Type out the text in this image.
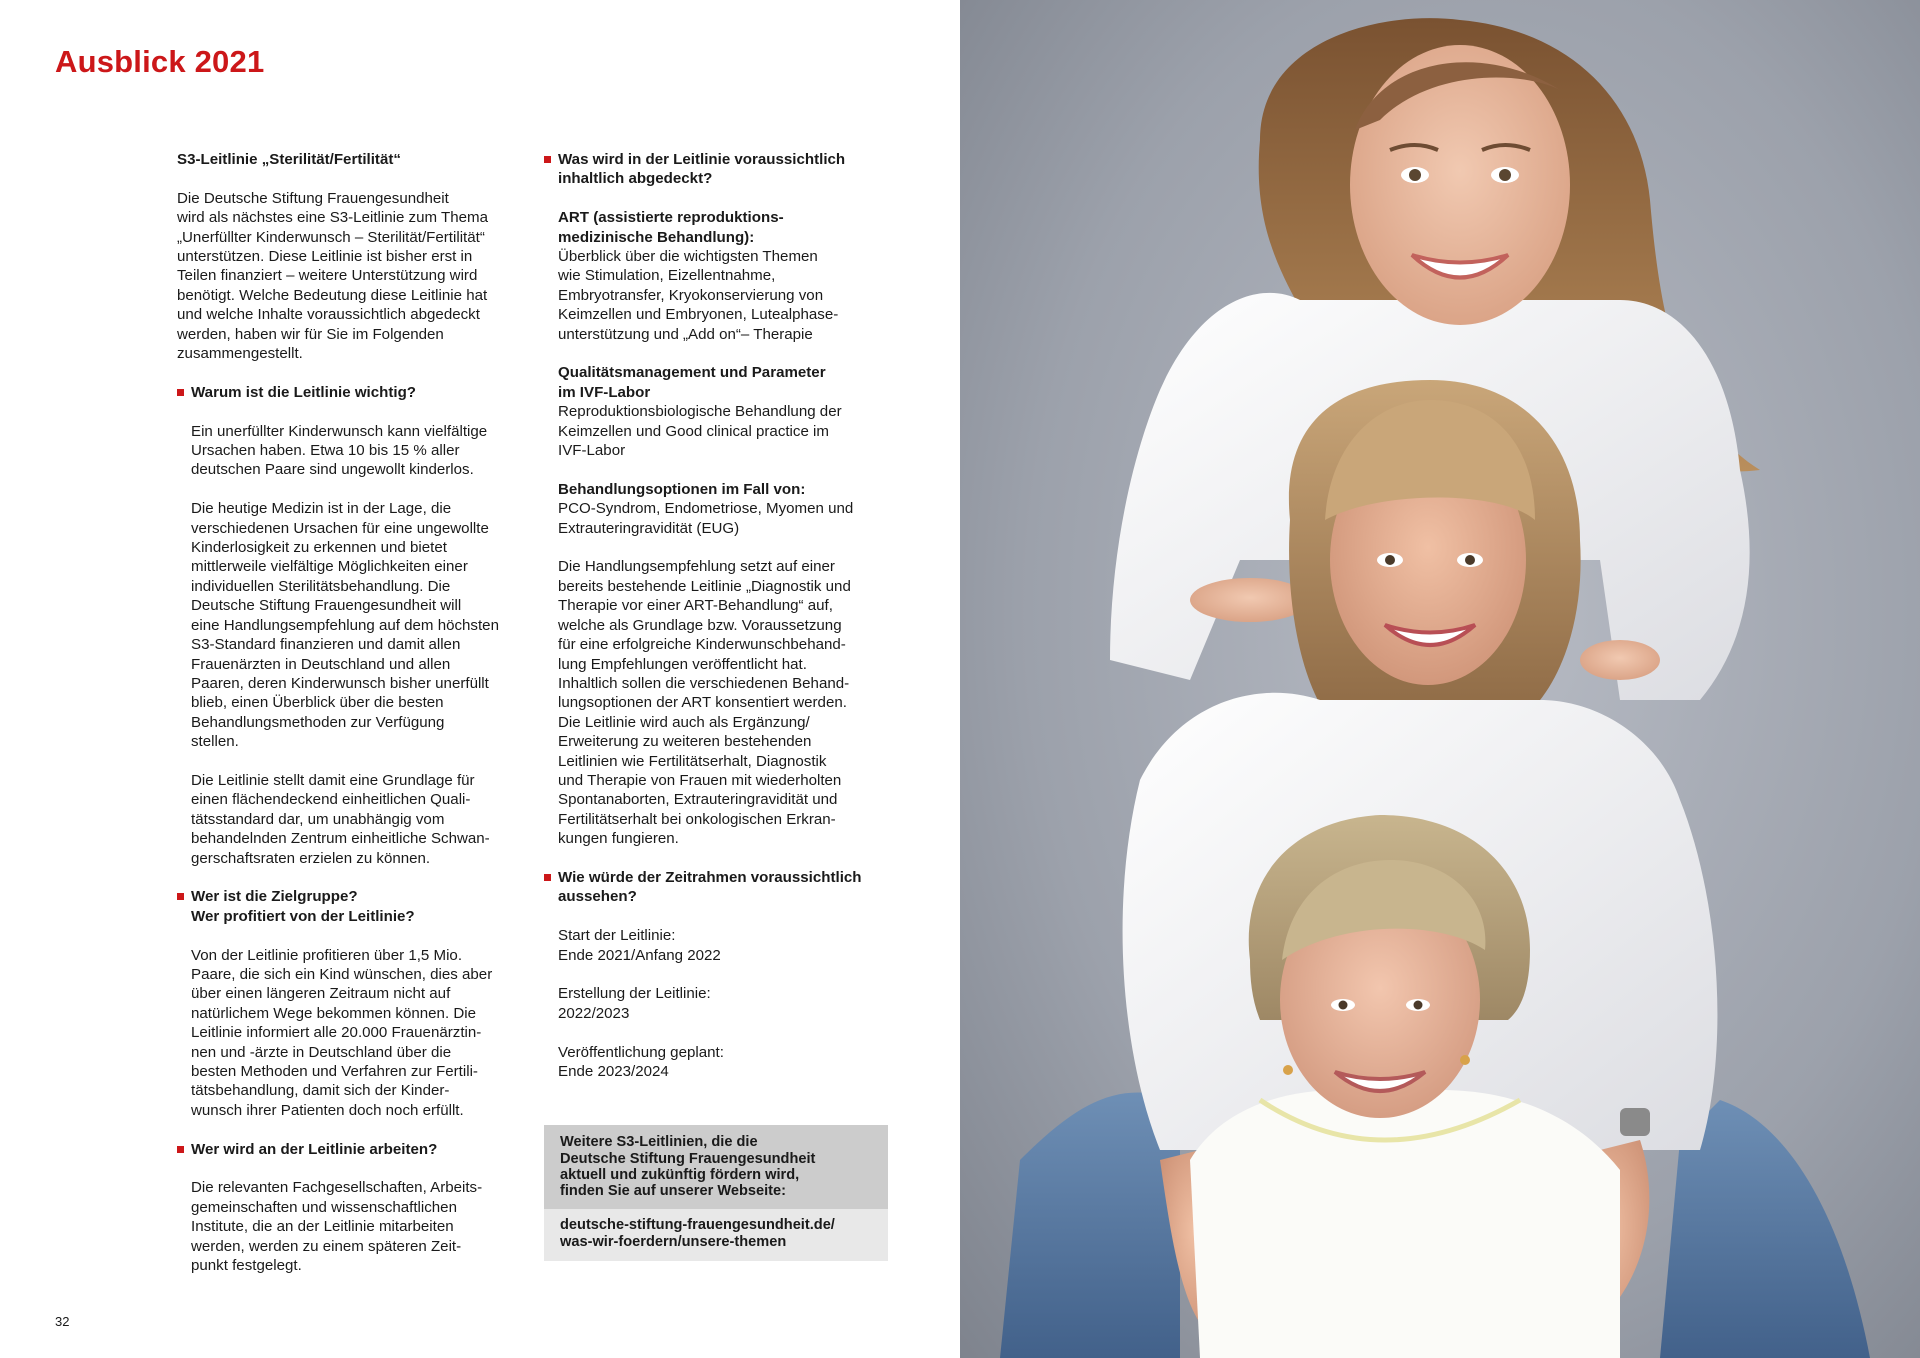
Ausblick 2021

S3-Leitlinie „Sterilität/Fertilität“

Die Deutsche Stiftung Frauengesundheit
wird als nächstes eine S3-Leitlinie zum Thema
„Unerfüllter Kinderwunsch – Sterilität/Fertilität“
unterstützen. Diese Leitlinie ist bisher erst in
Teilen finanziert – weitere Unterstützung wird
benötigt. Welche Bedeutung diese Leitlinie hat
und welche Inhalte voraussichtlich abgedeckt
werden, haben wir für Sie im Folgenden
zusammengestellt.

Warum ist die Leitlinie wichtig?

Ein unerfüllter Kinderwunsch kann vielfältige
Ursachen haben. Etwa 10 bis 15 % aller
deutschen Paare sind ungewollt kinderlos.

Die heutige Medizin ist in der Lage, die
verschiedenen Ursachen für eine ungewollte
Kinderlosigkeit zu erkennen und bietet
mittlerweile vielfältige Möglichkeiten einer
individuellen Sterilitätsbehandlung. Die
Deutsche Stiftung Frauengesundheit will
eine Handlungsempfehlung auf dem höchsten
S3-Standard finanzieren und damit allen
Frauenärzten in Deutschland und allen
Paaren, deren Kinderwunsch bisher unerfüllt
blieb, einen Überblick über die besten
Behandlungsmethoden zur Verfügung
stellen.

Die Leitlinie stellt damit eine Grundlage für
einen flächendeckend einheitlichen Quali-
tätsstandard dar, um unabhängig vom
behandelnden Zentrum einheitliche Schwan-
gerschaftsraten erzielen zu können.

Wer ist die Zielgruppe?
Wer profitiert von der Leitlinie?

Von der Leitlinie profitieren über 1,5 Mio.
Paare, die sich ein Kind wünschen, dies aber
über einen längeren Zeitraum nicht auf
natürlichem Wege bekommen können. Die
Leitlinie informiert alle 20.000 Frauenärztin-
nen und -ärzte in Deutschland über die
besten Methoden und Verfahren zur Fertili-
tätsbehandlung, damit sich der Kinder-
wunsch ihrer Patienten doch noch erfüllt.

Wer wird an der Leitlinie arbeiten?

Die relevanten Fachgesellschaften, Arbeits-
gemeinschaften und wissenschaftlichen
Institute, die an der Leitlinie mitarbeiten
werden, werden zu einem späteren Zeit-
punkt festgelegt.

Was wird in der Leitlinie voraussichtlich
inhaltlich abgedeckt?

ART (assistierte reproduktions-
medizinische Behandlung):
Überblick über die wichtigsten Themen
wie Stimulation, Eizellentnahme,
Embryotransfer, Kryokonservierung von
Keimzellen und Embryonen, Lutealphase-
unterstützung und „Add on“– Therapie

Qualitätsmanagement und Parameter
im IVF-Labor
Reproduktionsbiologische Behandlung der
Keimzellen und Good clinical practice im
IVF-Labor

Behandlungsoptionen im Fall von:
PCO-Syndrom, Endometriose, Myomen und
Extrauteringravidität (EUG)

Die Handlungsempfehlung setzt auf einer
bereits bestehende Leitlinie „Diagnostik und
Therapie vor einer ART-Behandlung“ auf,
welche als Grundlage bzw. Voraussetzung
für eine erfolgreiche Kinderwunschbehand-
lung Empfehlungen veröffentlicht hat.
Inhaltlich sollen die verschiedenen Behand-
lungsoptionen der ART konsentiert werden.
Die Leitlinie wird auch als Ergänzung/
Erweiterung zu weiteren bestehenden
Leitlinien wie Fertilitätserhalt, Diagnostik
und Therapie von Frauen mit wiederholten
Spontanaborten, Extrauteringravidität und
Fertilitätserhalt bei onkologischen Erkran-
kungen fungieren.

Wie würde der Zeitrahmen voraussichtlich
aussehen?

Start der Leitlinie:
Ende 2021/Anfang 2022

Erstellung der Leitlinie:
2022/2023

Veröffentlichung geplant:
Ende 2023/2024

Weitere S3-Leitlinien, die die
Deutsche Stiftung Frauengesundheit
aktuell und zukünftig fördern wird,
finden Sie auf unserer Webseite:
deutsche-stiftung-frauengesundheit.de/
was-wir-foerdern/unsere-themen
32
